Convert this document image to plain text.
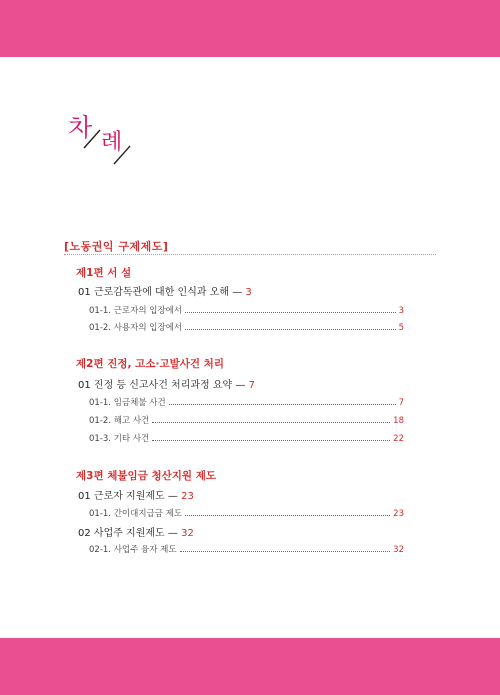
차
례
[노동권익 구제제도]
제1편 서 설
01 근로감독관에 대한 인식과 오해 — 3
01-1. 근로자의 입장에서	3
01-2. 사용자의 입장에서	5
제2편 진정, 고소·고발사건 처리
01 진정 등 신고사건 처리과정 요약 — 7
01-1. 임금체불 사건	7
01-2. 해고 사건	18
01-3. 기타 사건	22
제3편 체불임금 청산지원 제도
01 근로자 지원제도 — 23
01-1. 간이대지급금 제도	23
02 사업주 지원제도 — 32
02-1. 사업주 융자 제도	32
